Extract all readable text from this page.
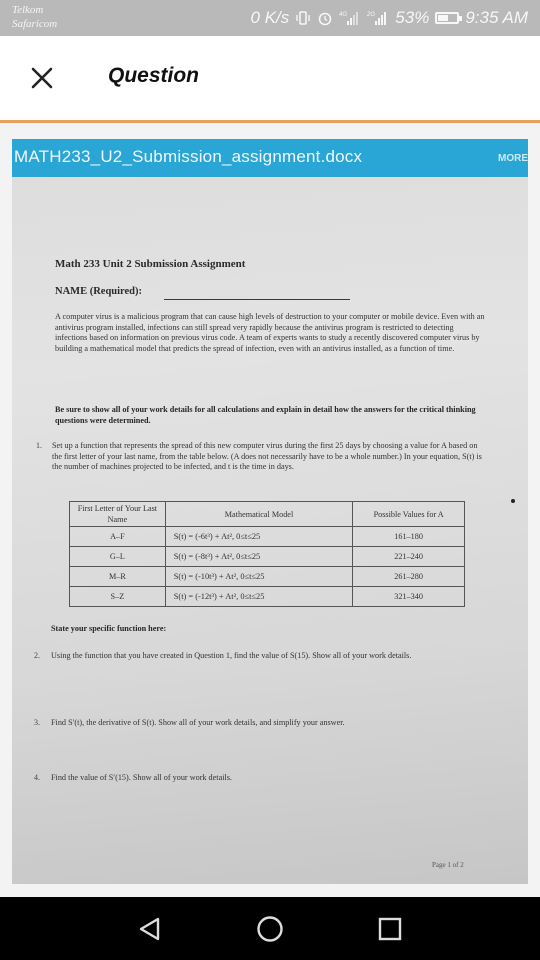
Telkom
Safaricom	0 K/s	4G	2G 53% 9:35 AM
Question
MATH233_U2_Submission_assignment.docx	MORE
Math 233 Unit 2 Submission Assignment
NAME (Required):
A computer virus is a malicious program that can cause high levels of destruction to your computer or mobile device. Even with an antivirus program installed, infections can still spread very rapidly because the antivirus program is restricted to detecting infections based on information on previous virus code. A team of experts wants to study a recently discovered computer virus by building a mathematical model that predicts the spread of infection, even with an antivirus installed, as a function of time.
Be sure to show all of your work details for all calculations and explain in detail how the answers for the critical thinking questions were determined.
1. Set up a function that represents the spread of this new computer virus during the first 25 days by choosing a value for A based on the first letter of your last name, from the table below. (A does not necessarily have to be a whole number.) In your equation, S(t) is the number of machines projected to be infected, and t is the time in days.
First Letter of Your Last Name	Mathematical Model	Possible Values for A
A–F	S(t) = (-6t³) + At², 0≤t≤25	161–180
G–L	S(t) = (-8t³) + At², 0≤t≤25	221–240
M–R	S(t) = (-10t³) + At², 0≤t≤25	261–280
S–Z	S(t) = (-12t³) + At², 0≤t≤25	321–340
State your specific function here:
2. Using the function that you have created in Question 1, find the value of S(15). Show all of your work details.
3. Find S′(t), the derivative of S(t). Show all of your work details, and simplify your answer.
4. Find the value of S′(15). Show all of your work details.
Page 1 of 2
